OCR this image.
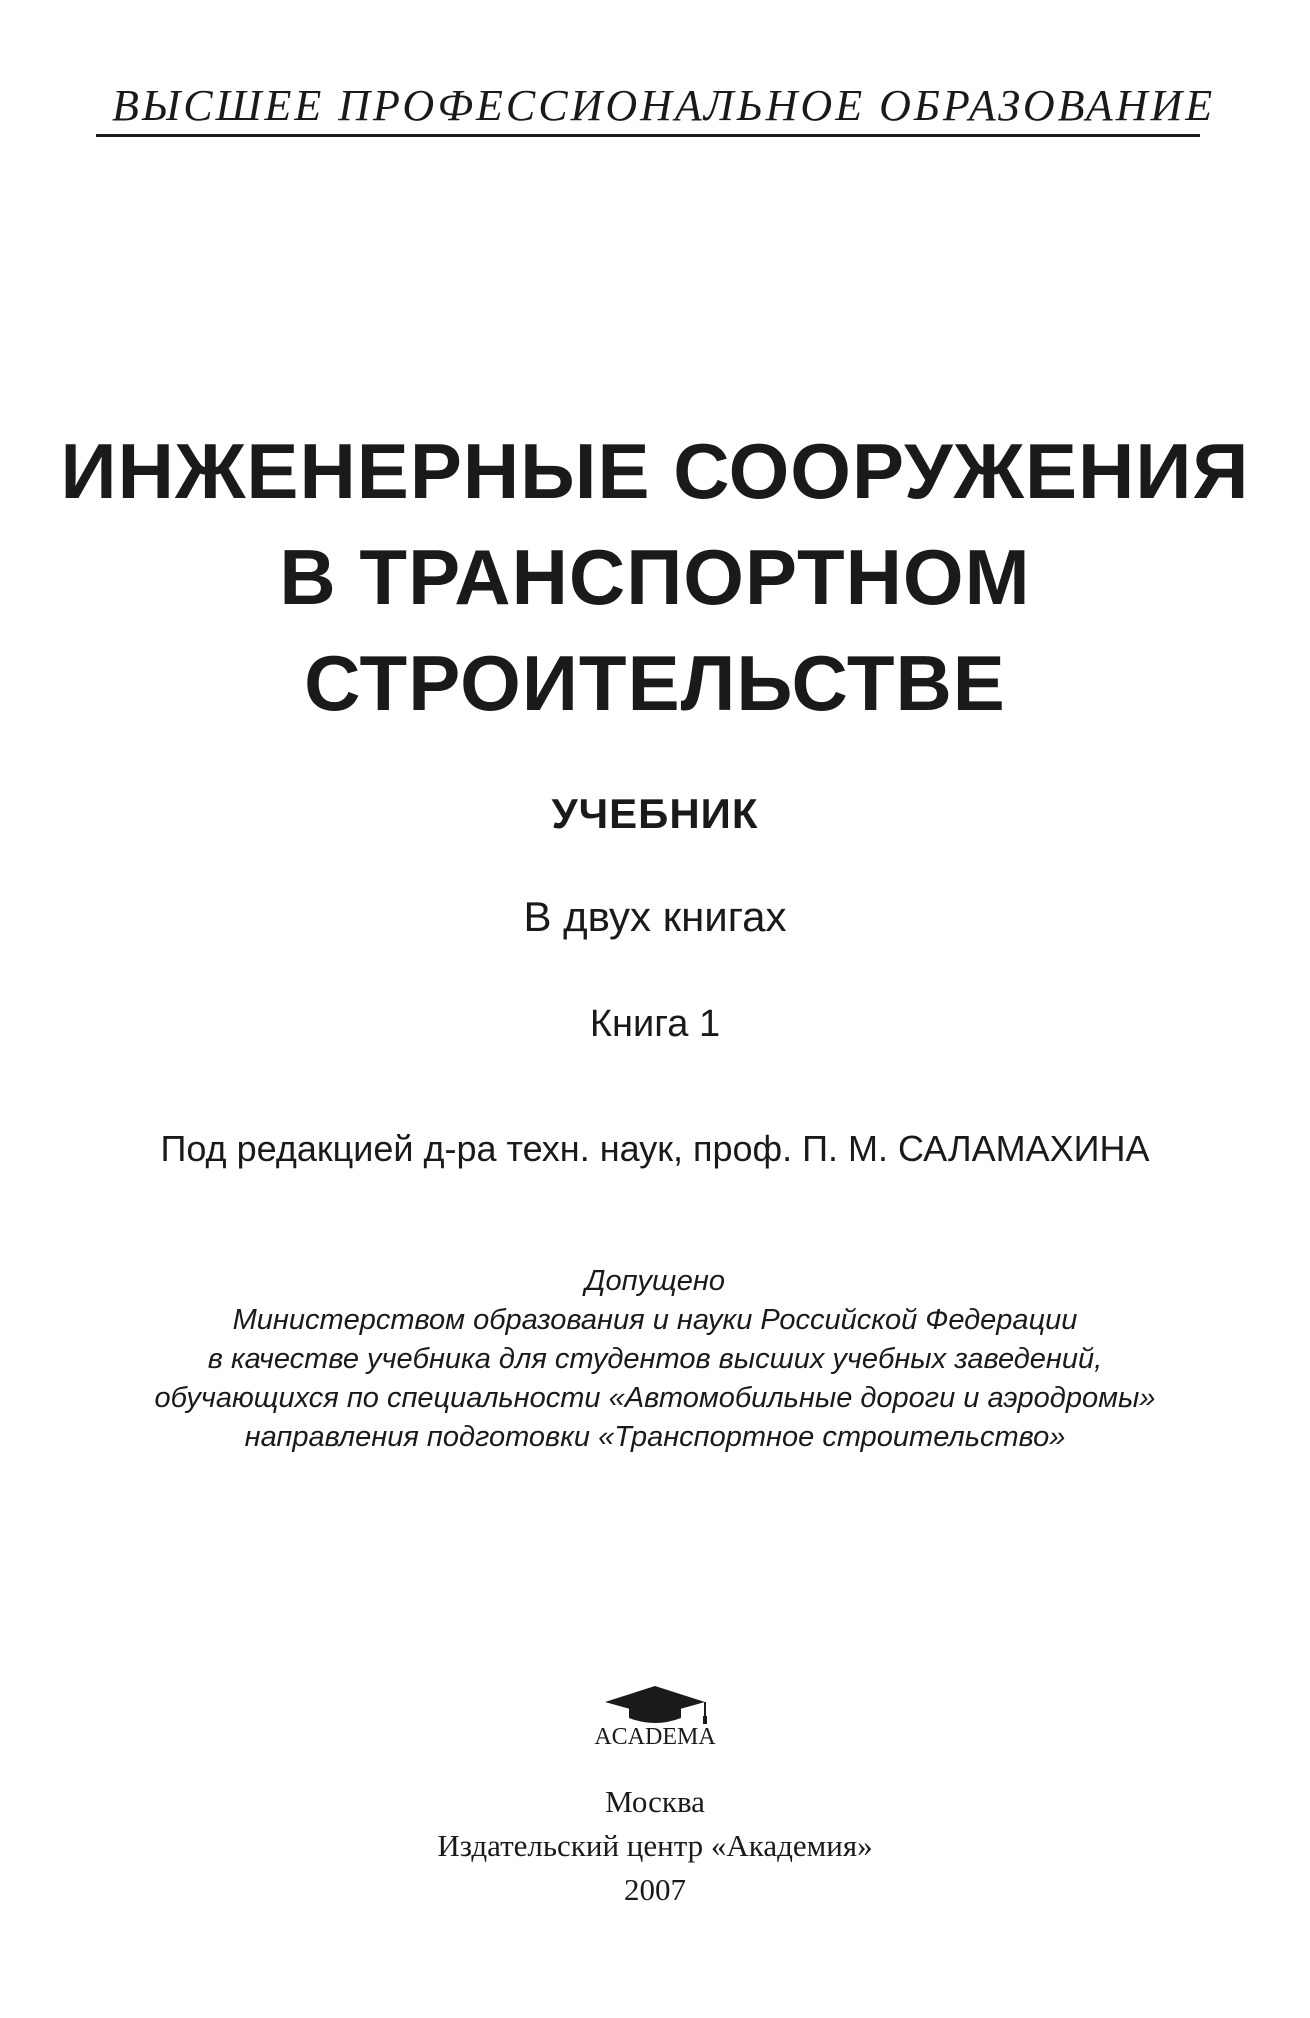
ВЫСШЕЕ ПРОФЕССИОНАЛЬНОЕ ОБРАЗОВАНИЕ
ИНЖЕНЕРНЫЕ СООРУЖЕНИЯ
В ТРАНСПОРТНОМ
СТРОИТЕЛЬСТВЕ
УЧЕБНИК
В двух книгах
Книга 1
Под редакцией д-ра техн. наук, проф. П. М. САЛАМАХИНА
Допущено
Министерством образования и науки Российской Федерации
в качестве учебника для студентов высших учебных заведений,
обучающихся по специальности «Автомобильные дороги и аэродромы»
направления подготовки «Транспортное строительство»
ACADEMA
Москва
Издательский центр «Академия»
2007
